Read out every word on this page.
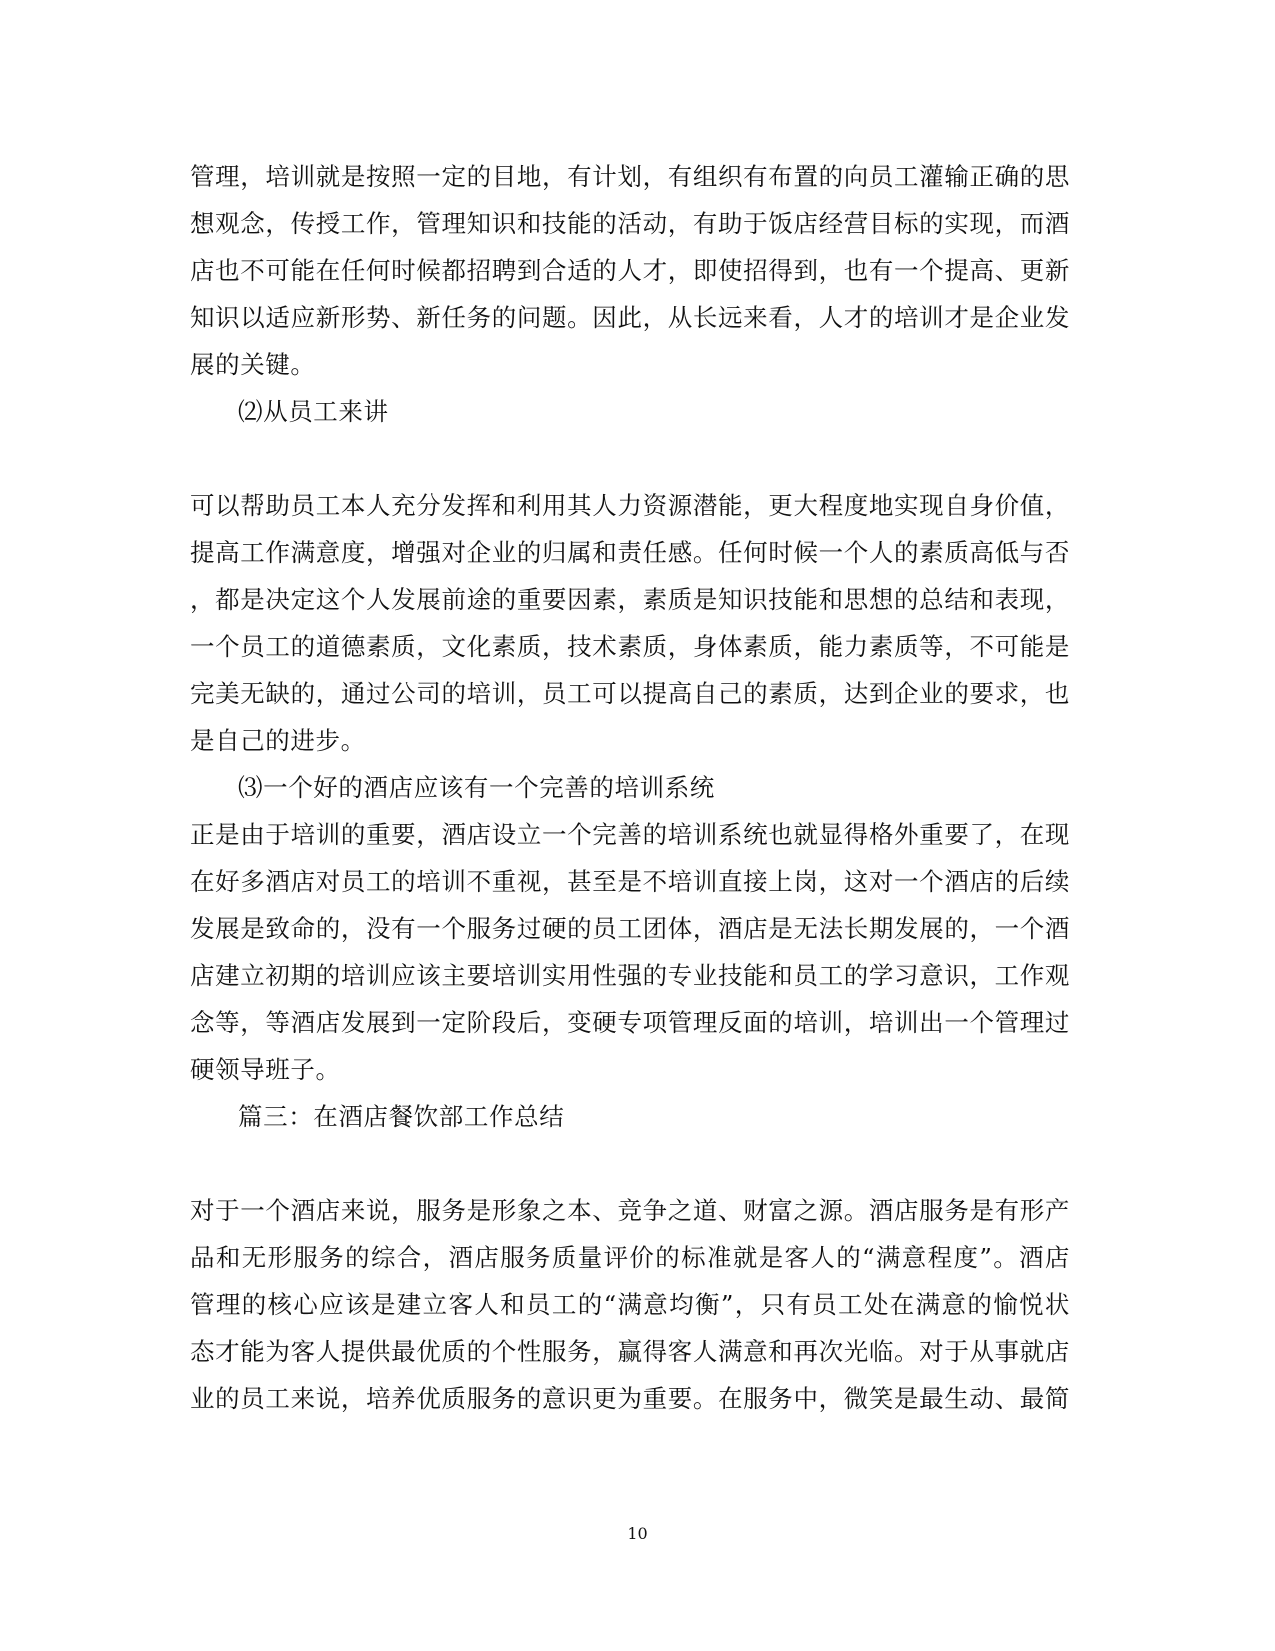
管理，培训就是按照一定的目地，有计划，有组织有布置的向员工灌输正确的思
想观念，传授工作，管理知识和技能的活动，有助于饭店经营目标的实现，而酒
店也不可能在任何时候都招聘到合适的人才，即使招得到，也有一个提高、更新
知识以适应新形势、新任务的问题。因此，从长远来看，人才的培训才是企业发
展的关键。
⑵从员工来讲
可以帮助员工本人充分发挥和利用其人力资源潜能，更大程度地实现自身价值，
提高工作满意度，增强对企业的归属和责任感。任何时候一个人的素质高低与否
，都是决定这个人发展前途的重要因素，素质是知识技能和思想的总结和表现，
一个员工的道德素质，文化素质，技术素质，身体素质，能力素质等，不可能是
完美无缺的，通过公司的培训，员工可以提高自己的素质，达到企业的要求，也
是自己的进步。
⑶一个好的酒店应该有一个完善的培训系统
正是由于培训的重要，酒店设立一个完善的培训系统也就显得格外重要了，在现
在好多酒店对员工的培训不重视，甚至是不培训直接上岗，这对一个酒店的后续
发展是致命的，没有一个服务过硬的员工团体，酒店是无法长期发展的，一个酒
店建立初期的培训应该主要培训实用性强的专业技能和员工的学习意识，工作观
念等，等酒店发展到一定阶段后，变硬专项管理反面的培训，培训出一个管理过
硬领导班子。
篇三：在酒店餐饮部工作总结
对于一个酒店来说，服务是形象之本、竞争之道、财富之源。酒店服务是有形产
品和无形服务的综合，酒店服务质量评价的标准就是客人的“满意程度”。酒店
管理的核心应该是建立客人和员工的“满意均衡”，只有员工处在满意的愉悦状
态才能为客人提供最优质的个性服务，赢得客人满意和再次光临。对于从事就店
业的员工来说，培养优质服务的意识更为重要。在服务中，微笑是最生动、最简
10
